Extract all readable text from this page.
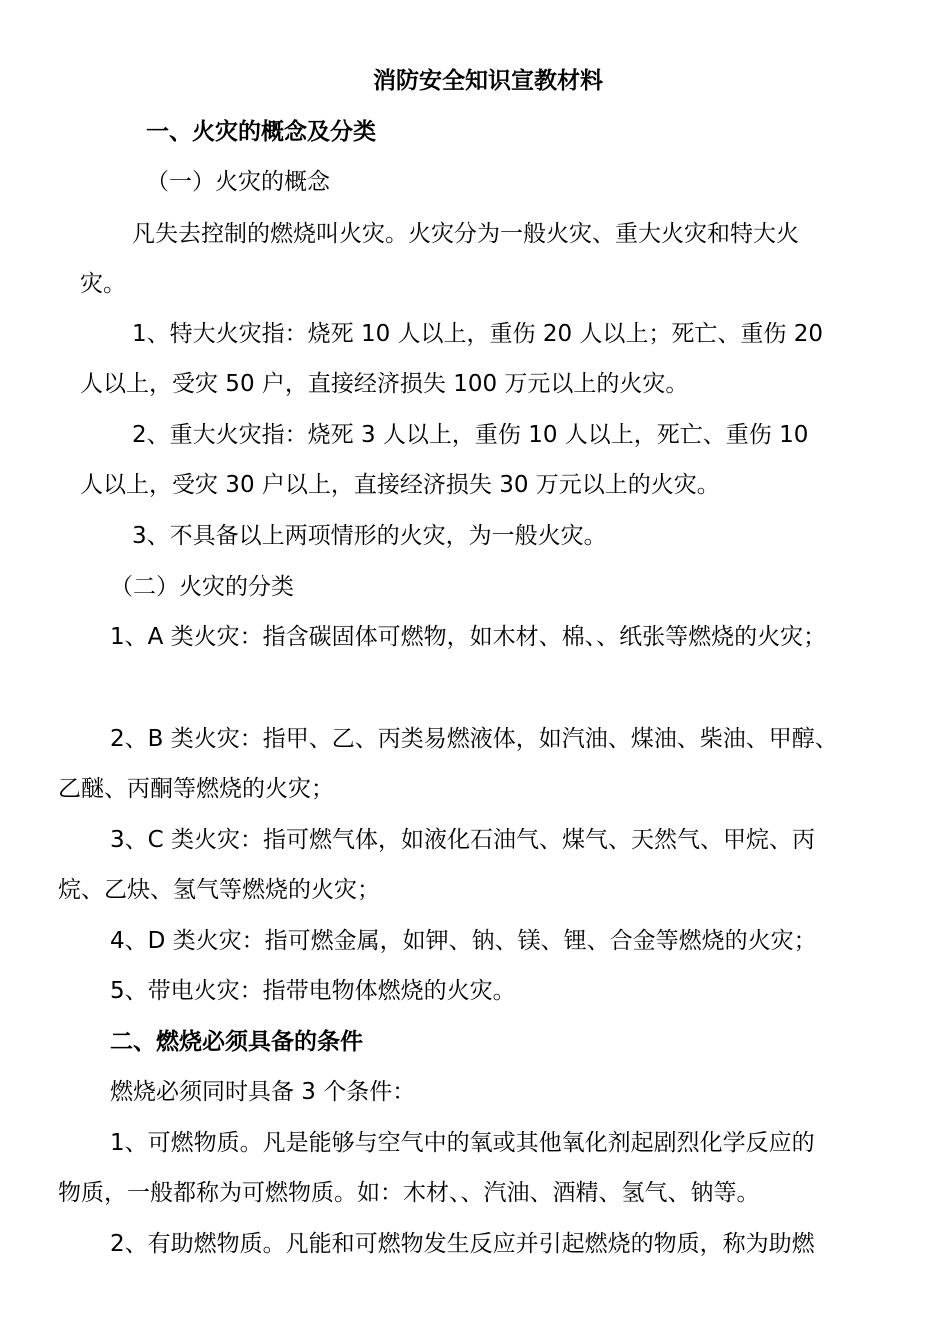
消防安全知识宣教材料
一、火灾的概念及分类
（一）火灾的概念
凡失去控制的燃烧叫火灾。火灾分为一般火灾、重大火灾和特大火
灾。
1、特大火灾指：烧死 10 人以上，重伤 20 人以上；死亡、重伤 20
人以上，受灾 50 户，直接经济损失 100 万元以上的火灾。
2、重大火灾指：烧死 3 人以上，重伤 10 人以上，死亡、重伤 10
人以上，受灾 30 户以上，直接经济损失 30 万元以上的火灾。
3、不具备以上两项情形的火灾，为一般火灾。
（二）火灾的分类
1、A 类火灾：指含碳固体可燃物，如木材、棉、、纸张等燃烧的火灾；
2、B 类火灾：指甲、乙、丙类易燃液体，如汽油、煤油、柴油、甲醇、
乙醚、丙酮等燃烧的火灾；
3、C 类火灾：指可燃气体，如液化石油气、煤气、天然气、甲烷、丙
烷、乙炔、氢气等燃烧的火灾；
4、D 类火灾：指可燃金属，如钾、钠、镁、锂、合金等燃烧的火灾；
5、带电火灾：指带电物体燃烧的火灾。
二、燃烧必须具备的条件
燃烧必须同时具备 3 个条件：
1、可燃物质。凡是能够与空气中的氧或其他氧化剂起剧烈化学反应的
物质，一般都称为可燃物质。如：木材、、汽油、酒精、氢气、钠等。
2、有助燃物质。凡能和可燃物发生反应并引起燃烧的物质，称为助燃
